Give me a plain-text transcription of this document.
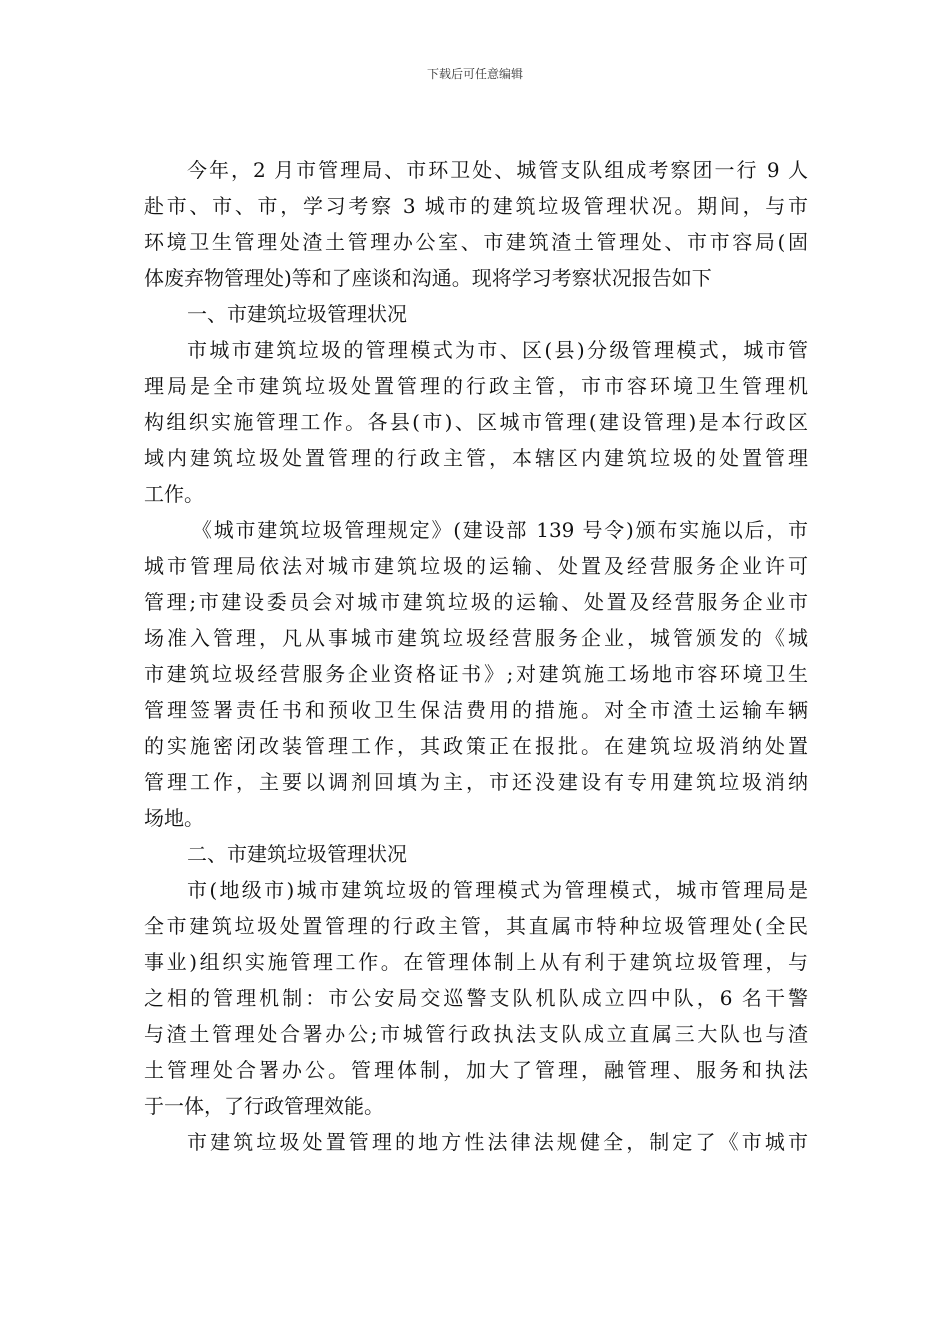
下载后可任意编辑
今年，2 月市管理局、市环卫处、城管支队组成考察团一行 9 人
赴市、市、市，学习考察 3 城市的建筑垃圾管理状况。期间，与市
环境卫生管理处渣土管理办公室、市建筑渣土管理处、市市容局(固
体废弃物管理处)等和了座谈和沟通。现将学习考察状况报告如下
一、市建筑垃圾管理状况
市城市建筑垃圾的管理模式为市、区(县)分级管理模式，城市管
理局是全市建筑垃圾处置管理的行政主管，市市容环境卫生管理机
构组织实施管理工作。各县(市)、区城市管理(建设管理)是本行政区
域内建筑垃圾处置管理的行政主管，本辖区内建筑垃圾的处置管理
工作。
《城市建筑垃圾管理规定》(建设部 139 号令)颁布实施以后，市
城市管理局依法对城市建筑垃圾的运输、处置及经营服务企业许可
管理;市建设委员会对城市建筑垃圾的运输、处置及经营服务企业市
场准入管理，凡从事城市建筑垃圾经营服务企业，城管颁发的《城
市建筑垃圾经营服务企业资格证书》;对建筑施工场地市容环境卫生
管理签署责任书和预收卫生保洁费用的措施。对全市渣土运输车辆
的实施密闭改装管理工作，其政策正在报批。在建筑垃圾消纳处置
管理工作，主要以调剂回填为主，市还没建设有专用建筑垃圾消纳
场地。
二、市建筑垃圾管理状况
市(地级市)城市建筑垃圾的管理模式为管理模式，城市管理局是
全市建筑垃圾处置管理的行政主管，其直属市特种垃圾管理处(全民
事业)组织实施管理工作。在管理体制上从有利于建筑垃圾管理，与
之相的管理机制：市公安局交巡警支队机队成立四中队，6 名干警
与渣土管理处合署办公;市城管行政执法支队成立直属三大队也与渣
土管理处合署办公。管理体制，加大了管理，融管理、服务和执法
于一体，了行政管理效能。
市建筑垃圾处置管理的地方性法律法规健全，制定了《市城市
